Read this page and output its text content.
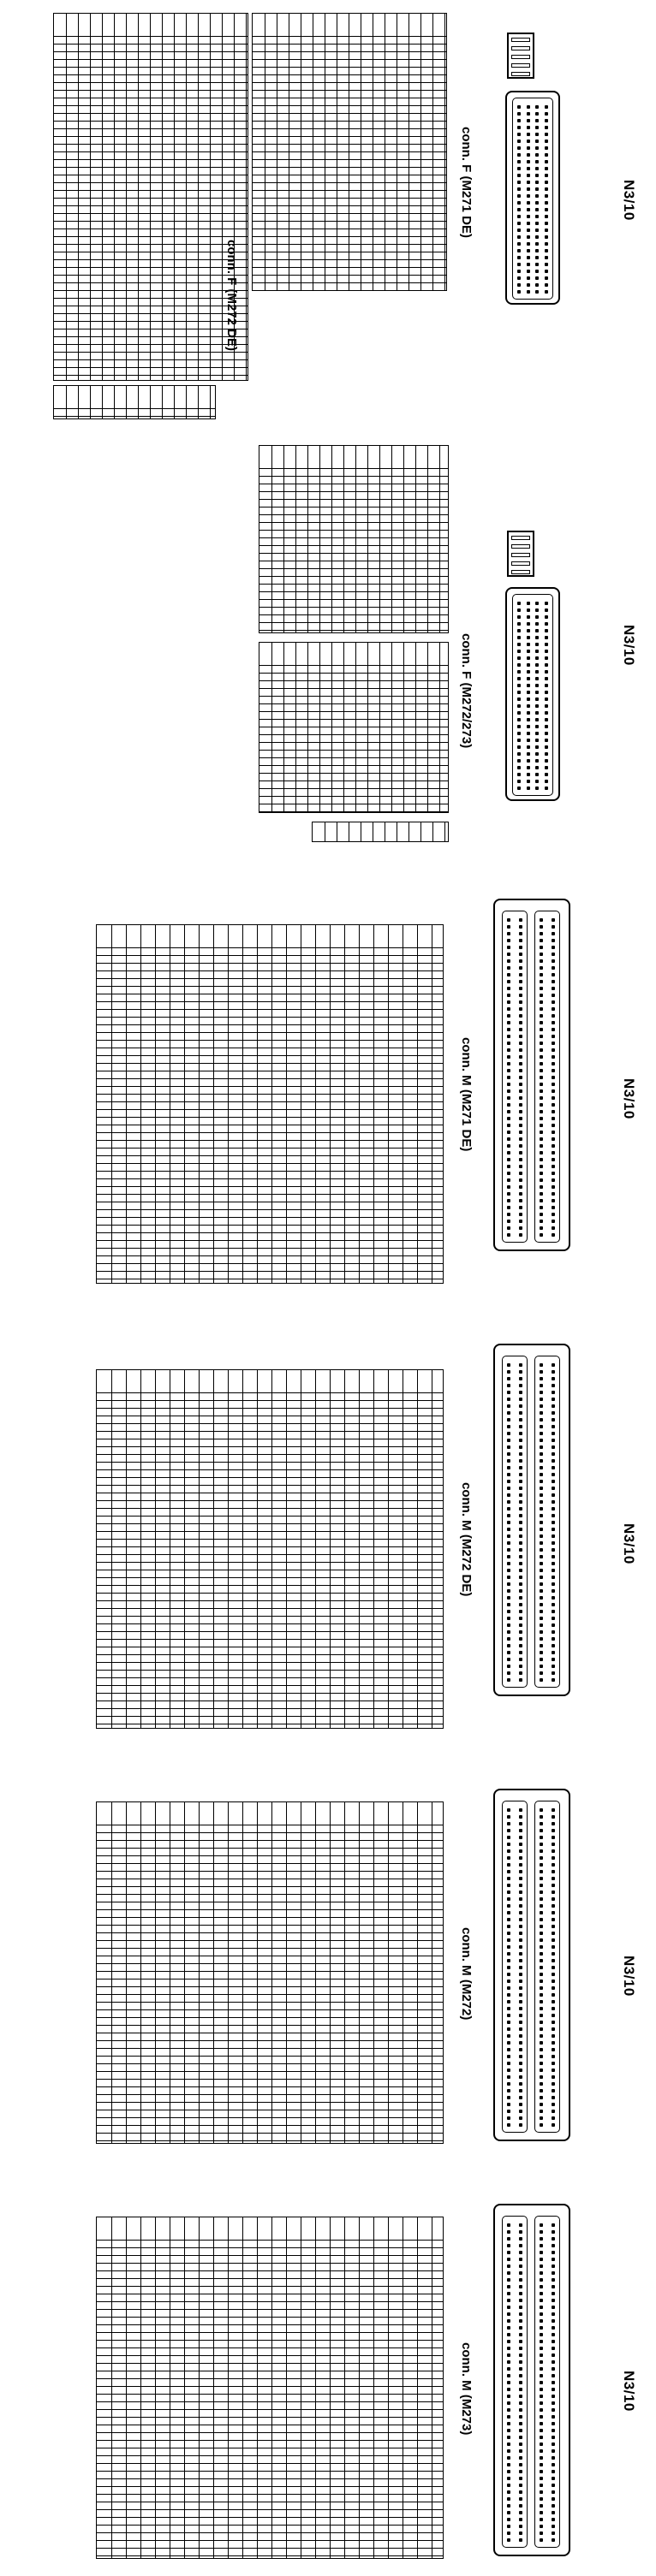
N3/10
conn. F (M271 DE)
conn. F (M272 DE)
N3/10
conn. F (M272/273)
N3/10
conn. M (M271 DE)
N3/10
conn. M (M272 DE)
N3/10
conn. M (M272)
N3/10
conn. M (M273)
